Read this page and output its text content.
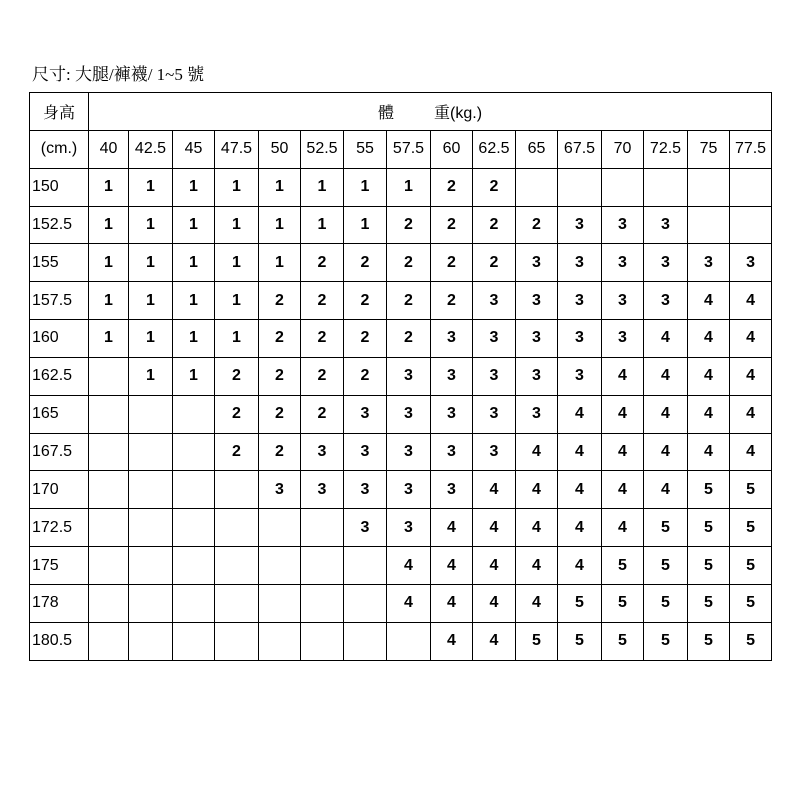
尺寸: 大腿/褲襪/ 1~5 號
身高	體 重(kg.)															
(cm.)	40	42.5	45	47.5	50	52.5	55	57.5	60	62.5	65	67.5	70	72.5	75	77.5
150	1	1	1	1	1	1	1	1	2	2						
152.5	1	1	1	1	1	1	1	2	2	2	2	3	3	3		
155	1	1	1	1	1	2	2	2	2	2	3	3	3	3	3	3
157.5	1	1	1	1	2	2	2	2	2	3	3	3	3	3	4	4
160	1	1	1	1	2	2	2	2	3	3	3	3	3	4	4	4
162.5		1	1	2	2	2	2	3	3	3	3	3	4	4	4	4
165				2	2	2	3	3	3	3	3	4	4	4	4	4
167.5				2	2	3	3	3	3	3	4	4	4	4	4	4
170					3	3	3	3	3	4	4	4	4	4	5	5
172.5							3	3	4	4	4	4	4	5	5	5
175								4	4	4	4	4	5	5	5	5
178								4	4	4	4	5	5	5	5	5
180.5									4	4	5	5	5	5	5	5
